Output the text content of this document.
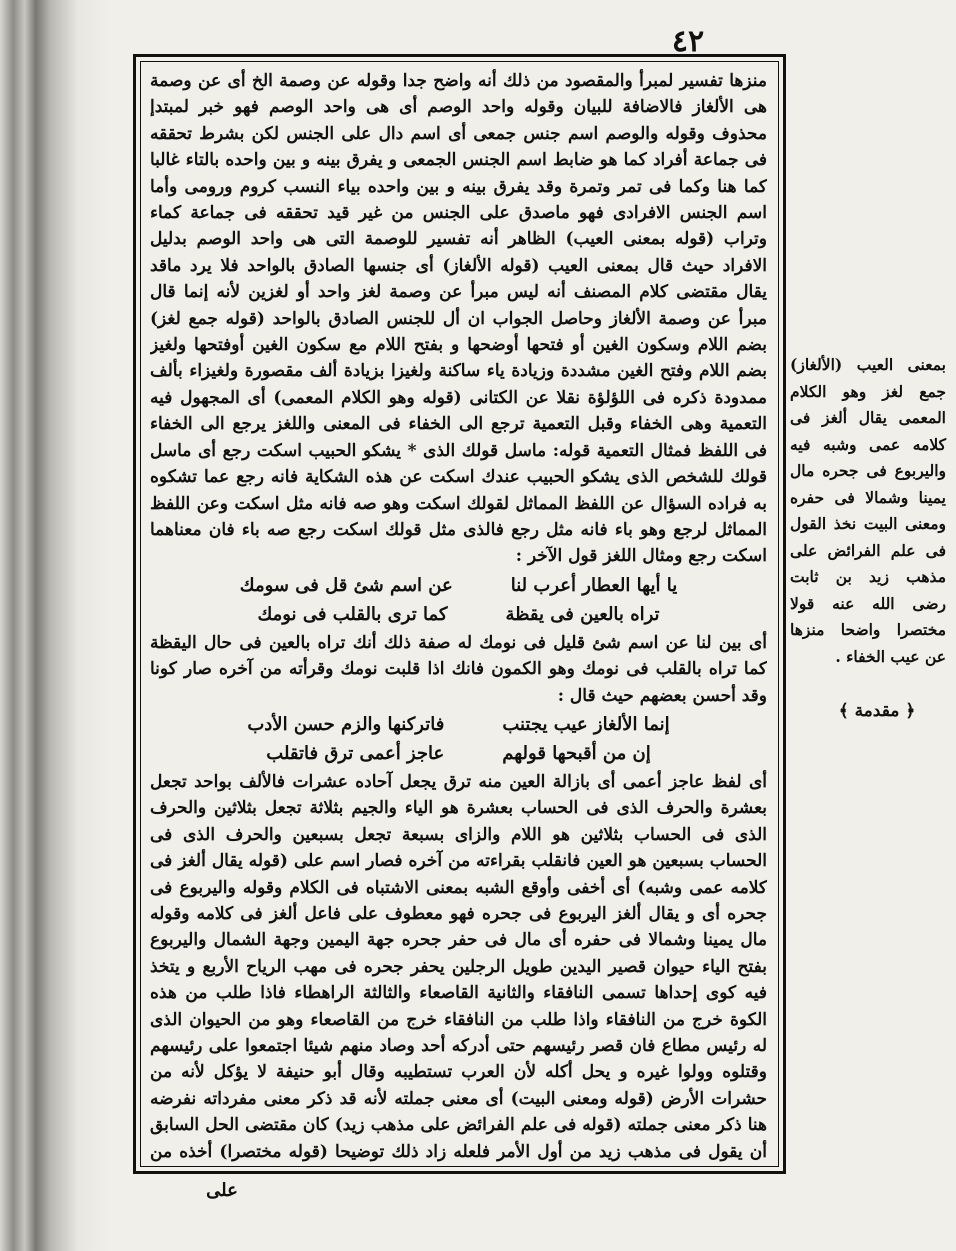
٤٢

منزها تفسير لمبرأ والمقصود من ذلك أنه واضح جدا وقوله عن وصمة الخ أى عن وصمة هى الألغاز فالاضافة للبيان وقوله واحد الوصم أى هى واحد الوصم فهو خبر لمبتدإ محذوف وقوله والوصم اسم جنس جمعى أى اسم دال على الجنس لكن بشرط تحققه فى جماعة أفراد كما هو ضابط اسم الجنس الجمعى و يفرق بينه و بين واحده بالتاء غالبا كما هنا وكما فى تمر وتمرة وقد يفرق بينه و بين واحده بياء النسب كروم ورومى وأما اسم الجنس الافرادى فهو ماصدق على الجنس من غير قيد تحققه فى جماعة كماء وتراب (قوله بمعنى العيب) الظاهر أنه تفسير للوصمة التى هى واحد الوصم بدليل الافراد حيث قال بمعنى العيب (قوله الألغاز) أى جنسها الصادق بالواحد فلا يرد ماقد يقال مقتضى كلام المصنف أنه ليس مبرأ عن وصمة لغز واحد أو لغزين لأنه إنما قال مبرأ عن وصمة الألغاز وحاصل الجواب ان أل للجنس الصادق بالواحد (قوله جمع لغز) بضم اللام وسكون الغين أو فتحها أوضحها و بفتح اللام مع سكون الغين أوفتحها ولغيز بضم اللام وفتح الغين مشددة وزيادة ياء ساكنة ولغيزا بزيادة ألف مقصورة ولغيزاء بألف ممدودة ذكره فى اللؤلؤة نقلا عن الكتانى (قوله وهو الكلام المعمى) أى المجهول فيه التعمية وهى الخفاء وقبل التعمية ترجع الى الخفاء فى المعنى واللغز يرجع الى الخفاء فى اللفظ فمثال التعمية قوله: ماسل قولك الذى * يشكو الحبيب اسكت رجع أى ماسل قولك للشخص الذى يشكو الحبيب عندك اسكت عن هذه الشكاية فانه رجع عما تشكوه به فراده السؤال عن اللفظ المماثل لقولك اسكت وهو صه فانه مثل اسكت وعن اللفظ المماثل لرجع وهو باء فانه مثل رجع فالذى مثل قولك اسكت رجع صه باء فان معناهما اسكت رجع ومثال اللغز قول الآخر :

يا أيها العطار أعرب لنا
عن اسم شئ قل فى سومك
تراه بالعين فى يقظة
كما ترى بالقلب فى نومك

أى بين لنا عن اسم شئ قليل فى نومك له صفة ذلك أنك تراه بالعين فى حال اليقظة كما تراه بالقلب فى نومك وهو الكمون فانك اذا قلبت نومك وقرأته من آخره صار كونا وقد أحسن بعضهم حيث قال :

إنما الألغاز عيب يجتنب
فاتركنها والزم حسن الأدب
إن من أقبحها قولهم
عاجز أعمى ترق فاتقلب

أى لفظ عاجز أعمى أى بازالة العين منه ترق يجعل آحاده عشرات فالألف بواحد تجعل بعشرة والحرف الذى فى الحساب بعشرة هو الياء والجيم بثلاثة تجعل بثلاثين والحرف الذى فى الحساب بثلاثين هو اللام والزاى بسبعة تجعل بسبعين والحرف الذى فى الحساب بسبعين هو العين فانقلب بقراءته من آخره فصار اسم على (قوله يقال ألغز فى كلامه عمى وشبه) أى أخفى وأوقع الشبه بمعنى الاشتباه فى الكلام وقوله واليربوع فى جحره أى و يقال ألغز اليربوع فى جحره فهو معطوف على فاعل ألغز فى كلامه وقوله مال يمينا وشمالا فى حفره أى مال فى حفر جحره جهة اليمين وجهة الشمال واليربوع بفتح الياء حيوان قصير اليدين طويل الرجلين يحفر جحره فى مهب الرياح الأربع و يتخذ فيه كوى إحداها تسمى النافقاء والثانية القاصعاء والثالثة الراهطاء فاذا طلب من هذه الكوة خرج من النافقاء واذا طلب من النافقاء خرج من القاصعاء وهو من الحيوان الذى له رئيس مطاع فان قصر رئيسهم حتى أدركه أحد وصاد منهم شيئا اجتمعوا على رئيسهم وقتلوه وولوا غيره و يحل أكله لأن العرب تستطيبه وقال أبو حنيفة لا يؤكل لأنه من حشرات الأرض (قوله ومعنى البيت) أى معنى جملته لأنه قد ذكر معنى مفرداته نفرضه هنا ذكر معنى جملته (قوله فى علم الفرائض على مذهب زيد) كان مقتضى الحل السابق أن يقول فى مذهب زيد من أول الأمر فلعله زاد ذلك توضيحا (قوله مختصرا) أخذه من

بمعنى العيب (الألغاز) جمع لغز وهو الكلام المعمى يقال ألغز فى كلامه عمى وشبه فيه واليربوع فى جحره مال يمينا وشمالا فى حفره ومعنى البيت نخذ القول فى علم الفرائض على مذهب زيد بن ثابت رضى الله عنه قولا مختصرا واضحا منزها عن عيب الخفاء .
﴿ مقدمة ﴾
على
